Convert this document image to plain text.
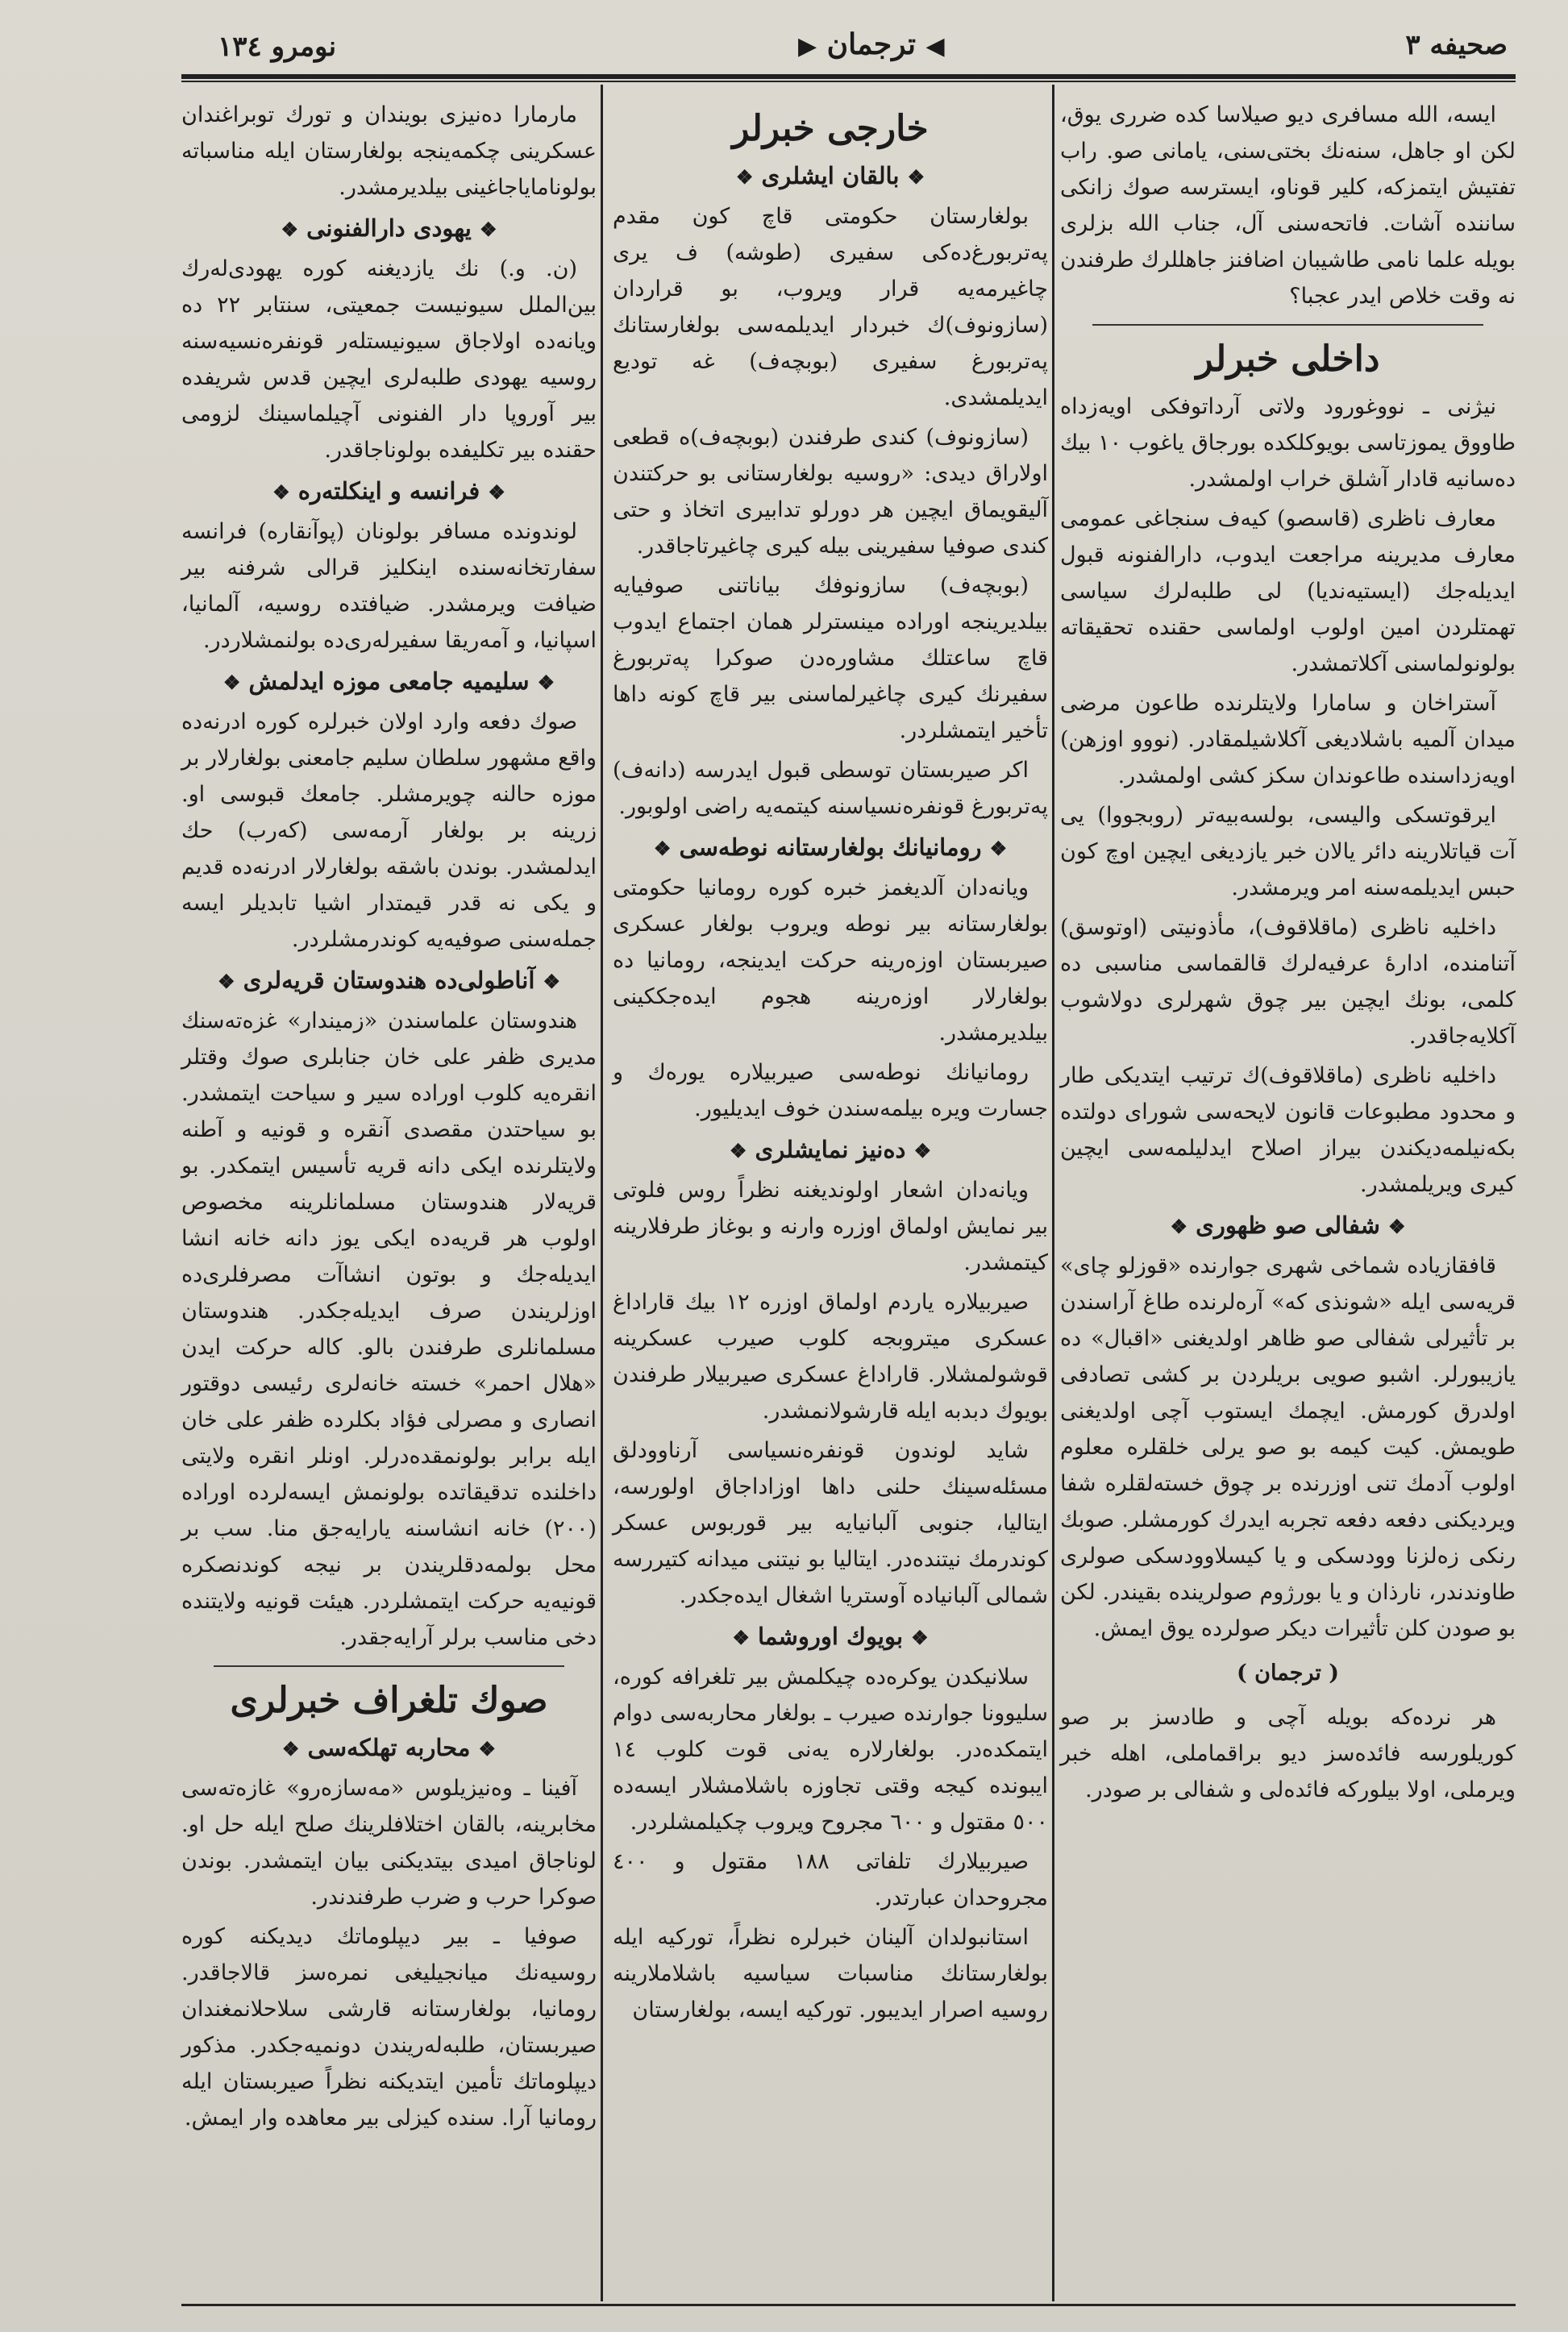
نومرو ١٣٤	◀ ترجمان ▶	صحیفه ٣

ایسه، الله مسافری دیو صیلاسا کده ضرری یوق، لکن او جاهل، سنه‌نك بختی‌سنی، یامانی صو. راب تفتیش ایتمزکه، کلیر قوناو، ایسترسه صوك زانکی ساننده آشات. فاتحه‌سنی آل، جناب الله بزلری بویله علما نامی طاشیبان اضافنز جاهللرك طرفندن نه وقت خلاص ایدر عجبا؟

داخلی خبرلر

نیژنی ـ نووغورود ولاتی آرداتوفکی اویه‌زداه طاووق یموزتاسی بویوکلکده بورجاق یاغوب ١٠ بیك ده‌سانیه قادار آشلق خراب اولمشدر.

معارف ناظری (قاسصو) کیه‌ف سنجاغی عمومی معارف مدیرینه مراجعت ایدوب، دارالفنونه قبول ایدیله‌جك (ایستیه‌ندیا) لی طلبه‌لرك سیاسی تهمتلردن امین اولوب اولماسی حقنده تحقیقاته بولونولماسنی آکلاتمشدر.

آستراخان و سامارا ولایتلرنده طاعون مرضی میدان آلمیه باشلادیغی آکلاشیلمقادر. (نووو اوزهن) اویه‌زداسنده طاعوندان سکز کشی اولمشدر.

ایرقوتسکی والیسی، بولسه‌بیه‌تر (روبجووا) یی آت قیاتلارینه دائر یالان خبر یازدیغی ایچین اوچ کون حبس ایدیلمه‌سنه امر ویرمشدر.

داخلیه ناظری (ماقلاقوف)، مأذونیتی (اوتوسق) آتنامنده، ادارهٔ عرفیه‌لرك قالقماسی مناسبی ده کلمی، بونك ایچین بیر چوق شهرلری دولاشوب آکلایه‌جاقدر.

داخلیه ناظری (ماقلاقوف)ك ترتیب ایتدیکی طار و محدود مطبوعات قانون لایحه‌سی شورای دولتده بکه‌نیلمه‌دیکندن بیراز اصلاح ایدلیلمه‌سی ایچین کیری ویریلمشدر.

❖ شفالی صو ظهوری ❖

قافقازیاده شماخی شهری جوارنده «قوزلو چای» قریه‌سی ایله «شونذی که» آره‌لرنده طاغ آراسندن بر تأثیرلی شفالی صو ظاهر اولدیغنی «اقبال» ده یازیبورلر. اشبو صویی بریلردن بر کشی تصادفی اولدرق کورمش. ایچمك ایستوب آچی اولدیغنی طویمش. کیت کیمه بو صو یرلی خلقلره معلوم اولوب آدمك تنی اوزرنده بر چوق خسته‌لقلره شفا ویردیکنی دفعه دفعه تجربه ایدرك کورمشلر. صوبك رنکی زه‌لزنا وودسکی و یا کیسلاوودسکی صولری طاوندندر، نارذان و یا بورژوم صولرینده بقیندر. لکن بو صودن کلن تأثیرات دیکر صولرده یوق ایمش.

( ترجمان )

هر نرده‌که بویله آچی و طادسز بر صو کوریلورسه فائده‌سز دیو براقماملی، اهله خبر ویرملی، اولا بیلورکه فائده‌لی و شفالی بر صودر.

خارجی خبرلر
❖ بالقان ایشلری ❖

بولغارستان حکومتی قاچ کون مقدم پەتربورغ‌ده‌کی سفیری (طوشه) ف یری چاغیرمه‌یه قرار ویروب، بو قراردان (سازونوف)ك خبردار ایدیلمه‌سی بولغارستانك پەتربورغ سفیری (بوبچه‌ف) غه تودیع ایدیلمشدی.

(سازونوف) کندی طرفندن (بوبچه‌ف)ه قطعی اولاراق دیدی: «روسیه بولغارستانی بو حرکتندن آلیقویماق ایچین هر دورلو تدابیری اتخاذ و حتی کندی صوفیا سفیرینی بیله کیری چاغیرتاجاقدر.

(بوبچه‌ف) سازونوفك بیاناتنی صوفیایه بیلدیرینجه اوراده مینسترلر همان اجتماع ایدوب قاچ ساعتلك مشاوره‌دن صوکرا پەتربورغ سفیرنك کیری چاغیرلماسنی بیر قاچ کونه داها تأخیر ایتمشلردر.

اکر صیربستان توسطی قبول ایدرسه (دانه‌ف) پەتربورغ قونفرەنسیاسنه کیتمه‌یه راضی اولوبور.

❖ رومانیانك بولغارستانه نوطه‌سی ❖

ویانه‌دان آلدیغمز خبره کوره رومانیا حکومتی بولغارستانه بیر نوطه ویروب بولغار عسکری صیربستان اوزەرینه حرکت ایدینجه، رومانیا ده بولغارلار اوزەرینه هجوم ایده‌جککینی بیلدیرمشدر.

رومانیانك نوطه‌سی صیربیلاره یورەك و جسارت ویره بیلمه‌سندن خوف ایدیلیور.

❖ دەنیز نمایشلری ❖

ویانه‌دان اشعار اولوندیغنه نظراً روس فلوتی بیر نمایش اولماق اوزره وارنه و بوغاز طرفلارینه کیتمشدر.

صیربیلاره یاردم اولماق اوزره ١٢ بیك قاراداغ عسکری میتروبجه کلوب صیرب عسکرینه قوشولمشلار. قاراداغ عسکری صیربیلار طرفندن بویوك دبدبه ایله قارشولانمشدر.

شاید لوندون قونفرەنسیاسی آرناوودلق مسئله‌سینك حلنی داها اوزاداجاق اولورسه، ایتالیا، جنوبی آلبانیایه بیر قوربوس عسکر کوندرمك نیتنده‌در. ایتالیا بو نیتنی میدانه کتیررسه شمالی آلبانیاده آوستریا اشغال ایده‌جکدر.

❖ بویوك اوروشما ❖

سلانیکدن یوکرەده چیکلمش بیر تلغرافه کوره، سلیوونا جوارنده صیرب ـ بولغار محاربه‌سی دوام ایتمکده‌در. بولغارلاره یه‌نی قوت کلوب ١٤ ایبونده کیجه وقتی تجاوزه باشلامشلار ایسه‌ده ٥٠٠ مقتول و ٦٠٠ مجروح ویروب چکیلمشلردر.

صیربیلارك تلفاتی ١٨٨ مقتول و ٤٠٠ مجروحدان عبارتدر.

استانبولدان آلینان خبرلره نظراً، تورکیه ایله بولغارستانك مناسبات سیاسیه باشلاملارینه روسیه اصرار ایدیبور. تورکیه ایسه، بولغارستان

مارمارا دەنیزی بویندان و تورك توبراغندان عسکرینی چکمه‌ینجه بولغارستان ایله مناسباته بولوناماياجاغینی بیلدیرمشدر.

❖ یهودی دارالفنونی ❖

(ن. و.) نك یازدیغنه کوره یهودی‌لەرك بین‌الملل سیونیست جمعیتی، سنتابر ٢٢ ده ویانه‌ده اولاجاق سیونیستلەر قونفرەنسیه‌سنه روسیه یهودی طلبه‌لری ایچین قدس شریفده بیر آوروپا دار الفنونی آچیلماسینك لزومی حقنده بیر تکلیفده بولوناجاقدر.

❖ فرانسه و اینکلتەره ❖

لوندونده مسافر بولونان (پوآنقاره) فرانسه سفارتخانه‌سنده اینکلیز قرالی شرفنه بیر ضیافت ویرمشدر. ضیافتده روسیه، آلمانیا، اسپانیا، و آمه‌ریقا سفیرلەری‌ده بولنمشلاردر.

❖ سلیمیه جامعی موزه ایدلمش ❖

صوك دفعه وارد اولان خبرلره کوره ادرنه‌ده واقع مشهور سلطان سلیم جامعنی بولغارلار بر موزه حالنه چویرمشلر. جامعك قبوسی او. زرینه بر بولغار آرمه‌سی (کەرب) حك ایدلمشدر. بوندن باشقه بولغارلار ادرنه‌ده قدیم و یکی نه قدر قیمتدار اشیا تابدیلر ایسه جمله‌سنی صوفیه‌یه کوندرمشلردر.

❖ آناطولی‌ده هندوستان قریه‌لری ❖

هندوستان علماسندن «زمیندار» غزەته‌سنك مدیری ظفر علی خان جنابلری صوك وقتلر انقره‌یه کلوب اوراده سیر و سیاحت ایتمشدر. بو سیاحتدن مقصدی آنقره و قونیه و آطنه ولایتلرنده ایکی دانه قریه تأسیس ایتمکدر. بو قریه‌لار هندوستان مسلمانلرینه مخصوص اولوب هر قریه‌ده ایکی یوز دانه خانه انشا ایدیله‌جك و بوتون انشاآت مصرفلری‌ده اوزلریندن صرف ایدیله‌جکدر. هندوستان مسلمانلری طرفندن بالو. کاله حرکت ایدن «هلال احمر» خسته خانه‌لری رئیسی دوقتور انصاری و مصرلی فؤاد بکلرده ظفر علی خان ایله برابر بولونمقده‌درلر. اونلر انقره ولایتی داخلنده تدقیقاتده بولونمش ایسه‌لرده اوراده (٢٠٠) خانه انشاسنه یارایه‌جق منا. سب بر محل بولمه‌دقلریندن بر نیجه کوندنصکره قونیه‌یه حرکت ایتمشلردر. هیئت قونیه ولایتنده دخی مناسب برلر آرایه‌جقدر.

صوك تلغراف خبرلری
❖ محاربه تهلکه‌سی ❖

آفینا ـ وەنیزیلوس «مه‌سازەرو» غازەته‌سی مخابرینه، بالقان اختلافلرینك صلح ایله حل او. لوناجاق امیدی بیتدیکنی بیان ایتمشدر. بوندن صوکرا حرب و ضرب طرفندندر.

صوفیا ـ بیر دیپلوماتك دیدیکنه کوره روسیه‌نك میانجیلیغی نمره‌سز قالاجاقدر. رومانیا، بولغارستانه قارشی سلاحلانمغندان صیربستان، طلبه‌لەریندن دونمیه‌جکدر. مذکور دیپلوماتك تأمین ایتدیکنه نظراً صیربستان ایله رومانیا آرا. سنده کیزلی بیر معاهده وار ایمش.
